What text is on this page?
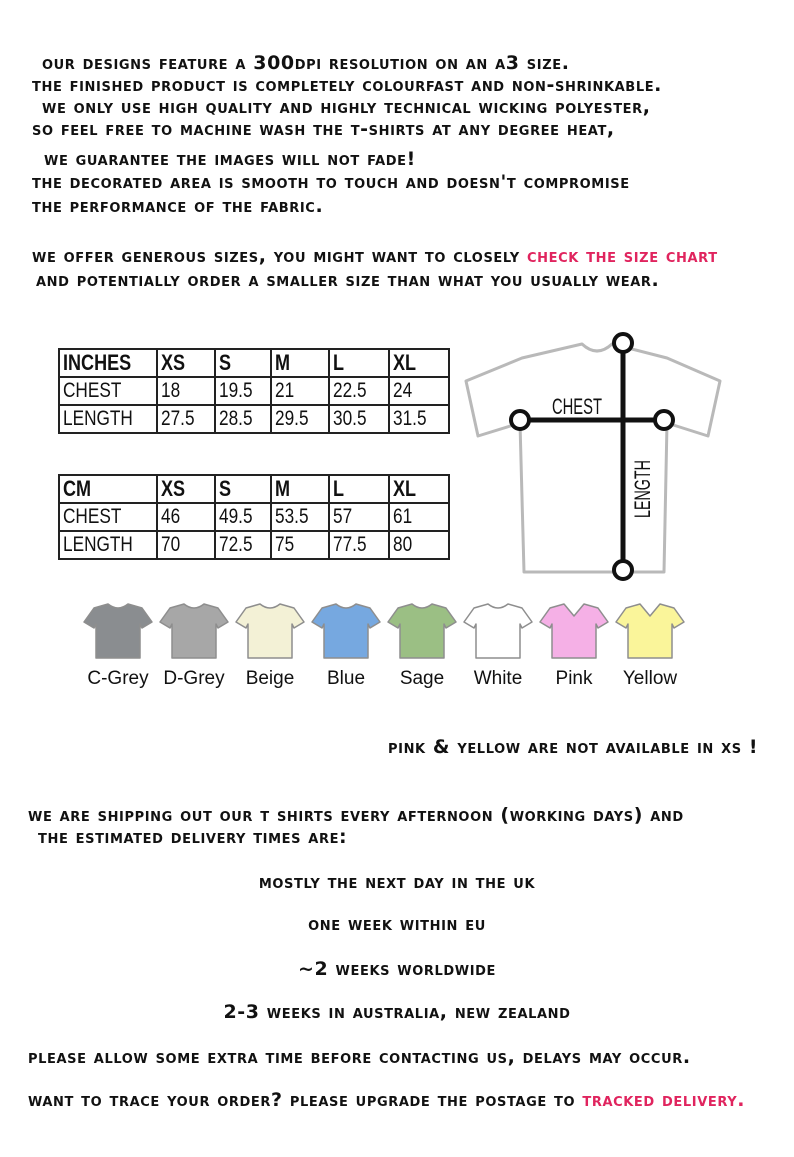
our designs feature a 300dpi resolution on an a3 size.
the finished product is completely colourfast and non-shrinkable.
we only use high quality and highly technical wicking polyester,
so feel free to machine wash the t-shirts at any degree heat,
we guarantee the images will not fade!
the decorated area is smooth to touch and doesn't compromise
the performance of the fabric.
we offer generous sizes, you might want to closely check the size chart
and potentially order a smaller size than what you usually wear.
INCHES	XS	S	M	L	XL
CHEST	18	19.5	21	22.5	24
LENGTH	27.5	28.5	29.5	30.5	31.5
CM	XS	S	M	L	XL
CHEST	46	49.5	53.5	57	61
LENGTH	70	72.5	75	77.5	80
CHEST
LENGTH
C-Grey D-Grey	Beige	Blue	Sage	White	Pink	Yellow
pink & yellow are not available in xs !
we are shipping out our t shirts every afternoon (working days) and
the estimated delivery times are:
mostly the next day in the uk
one week within eu
~2 weeks worldwide
2-3 weeks in australia, new zealand
please allow some extra time before contacting us, delays may occur.
want to trace your order? please upgrade the postage to tracked delivery.
